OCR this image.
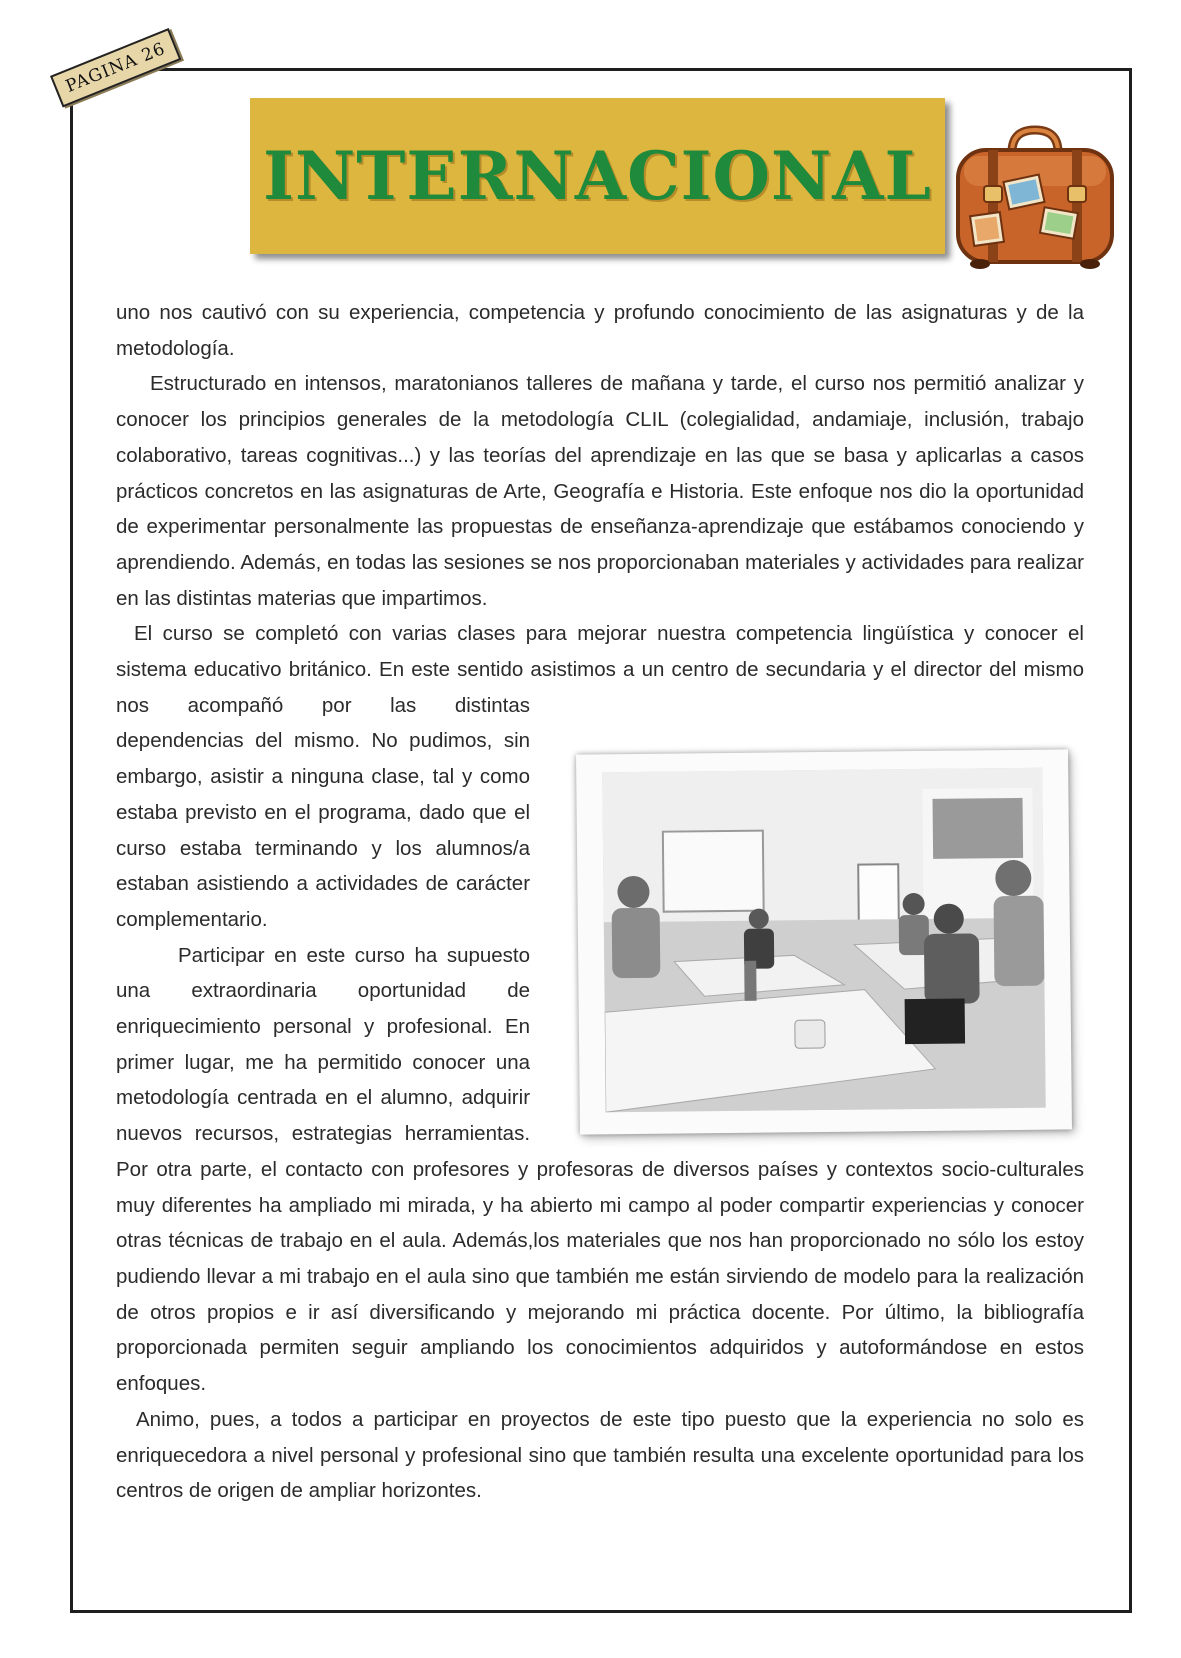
PAGINA 26
INTERNACIONAL

uno nos cautivó con su experiencia, competencia y profundo conocimiento de las asignaturas y de la metodología.

Estructurado en intensos, maratonianos talleres de mañana y tarde, el curso nos permitió analizar y conocer los principios generales de la metodología CLIL (colegialidad, andamiaje, inclusión, trabajo colaborativo, tareas cognitivas...) y las teorías del aprendizaje en las que se basa y aplicarlas a casos prácticos concretos en las asignaturas de Arte, Geografía e Historia. Este enfoque nos dio la oportunidad de experimentar personalmente las propuestas de enseñanza-aprendizaje que estábamos conociendo y aprendiendo. Además, en todas las sesiones se nos proporcionaban materiales y actividades para realizar en las distintas materias que impartimos.

El curso se completó con varias clases para mejorar nuestra competencia lingüística y conocer el sistema educativo británico. En este sentido asistimos a un centro de secundaria y el director del mismo nos acompañó por las distintas dependencias del mismo. No pudimos, sin embargo, asistir a ninguna clase, tal y como estaba previsto en el programa, dado que el curso estaba terminando y los alumnos/a estaban asistiendo a actividades de carácter complementario.

Participar en este curso ha supuesto una extraordinaria oportunidad de enriquecimiento personal y profesional. En primer lugar, me ha permitido conocer una metodología centrada en el alumno, adquirir nuevos recursos, estrategias herramientas. Por otra parte, el contacto con profesores y profesoras de diversos países y contextos socio-culturales muy diferentes ha ampliado mi mirada, y ha abierto mi campo al poder compartir experiencias y conocer otras técnicas de trabajo en el aula. Además,los materiales que nos han proporcionado no sólo los estoy pudiendo llevar a mi trabajo en el aula sino que también me están sirviendo de modelo para la realización de otros propios e ir así diversificando y mejorando mi práctica docente. Por último, la bibliografía proporcionada permiten seguir ampliando los conocimientos adquiridos y autoformándose en estos enfoques.

Animo, pues, a todos a participar en proyectos de este tipo puesto que la experiencia no solo es enriquecedora a nivel personal y profesional sino que también resulta una excelente oportunidad para los centros de origen de ampliar horizontes.
